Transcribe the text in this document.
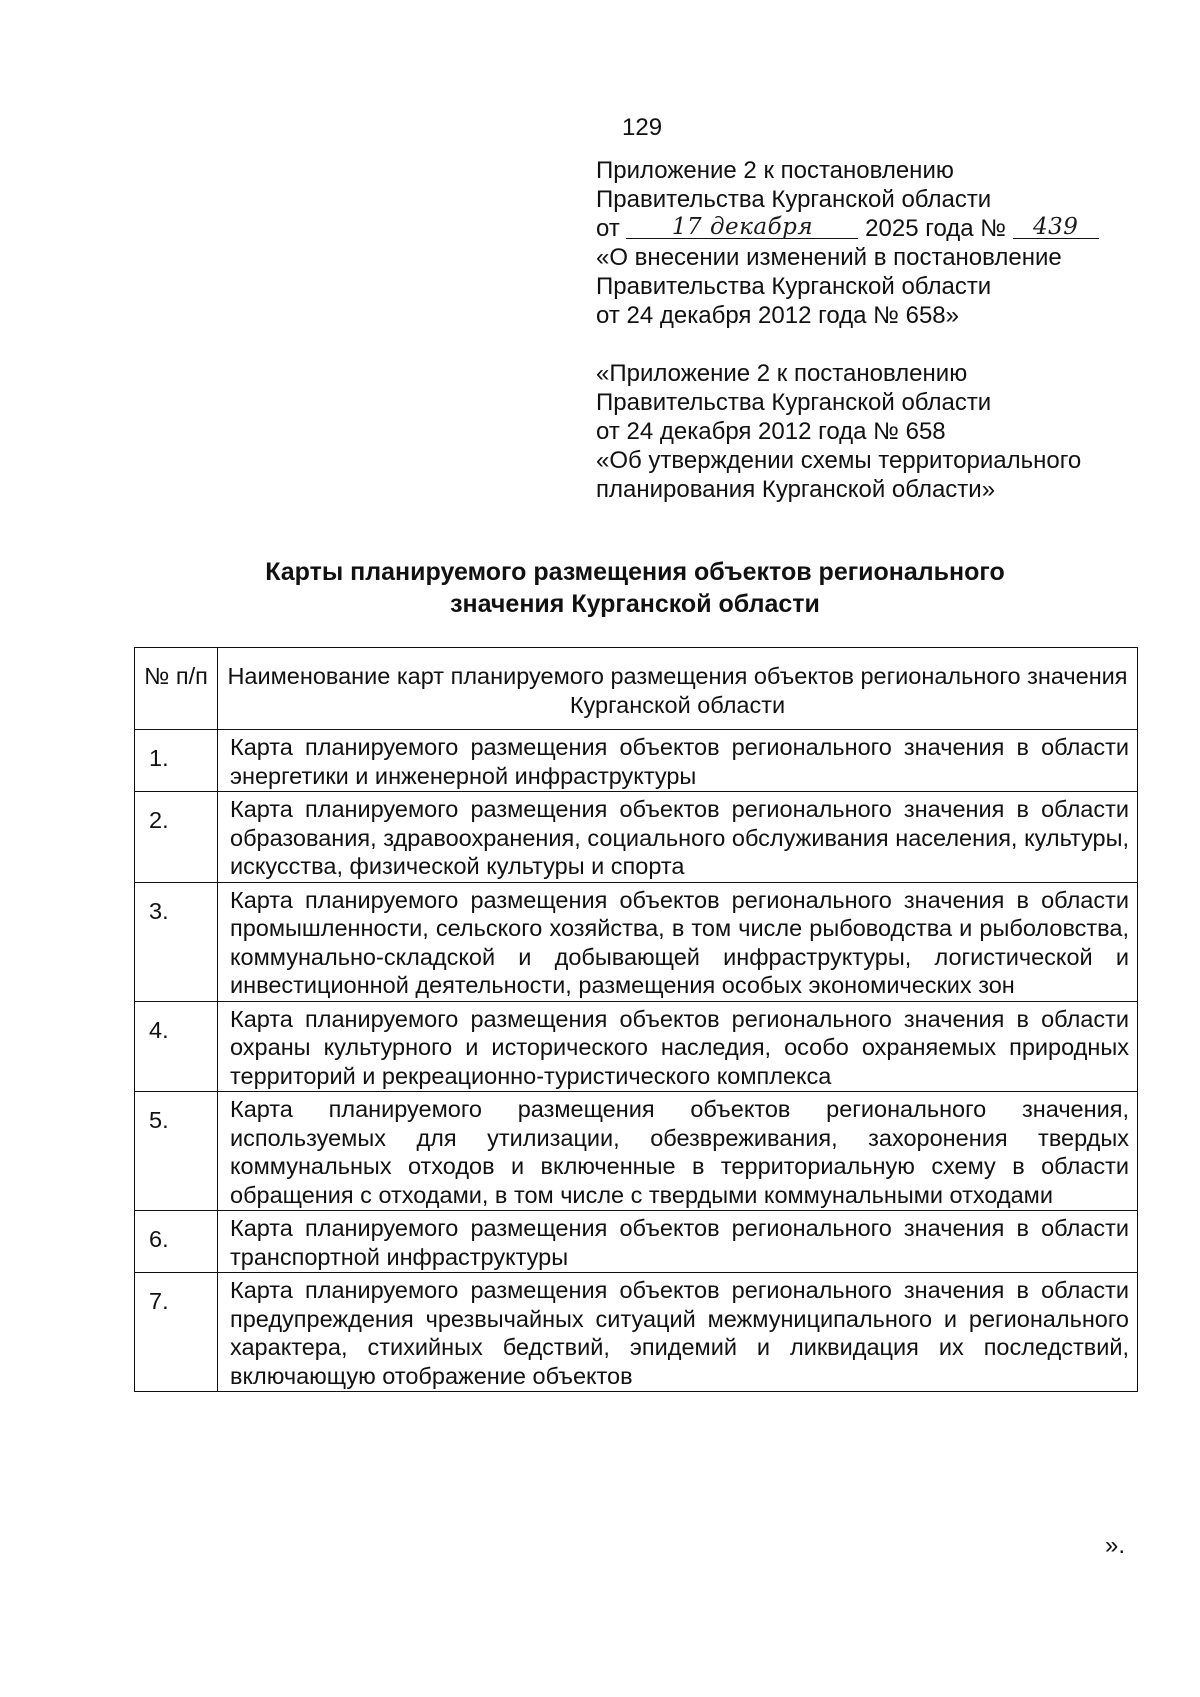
129
Приложение 2 к постановлению
Правительства Курганской области
от 17 декабря 2025 года № 439
«О внесении изменений в постановление
Правительства Курганской области
от 24 декабря 2012 года № 658»
«Приложение 2 к постановлению
Правительства Курганской области
от 24 декабря 2012 года № 658
«Об утверждении схемы территориального
планирования Курганской области»
Карты планируемого размещения объектов регионального
значения Курганской области
№ п/п	Наименование карт планируемого размещения объектов регионального значения Курганской области
1.	Карта планируемого размещения объектов регионального значения в области энергетики и инженерной инфраструктуры
2.	Карта планируемого размещения объектов регионального значения в области образования, здравоохранения, социального обслуживания населения, культуры, искусства, физической культуры и спорта
3.	Карта планируемого размещения объектов регионального значения в области промышленности, сельского хозяйства, в том числе рыбоводства и рыболовства, коммунально-складской и добывающей инфраструктуры, логистической и инвестиционной деятельности, размещения особых экономических зон
4.	Карта планируемого размещения объектов регионального значения в области охраны культурного и исторического наследия, особо охраняемых природных территорий и рекреационно-туристического комплекса
5.	Карта планируемого размещения объектов регионального значения, используемых для утилизации, обезвреживания, захоронения твердых коммунальных отходов и включенные в территориальную схему в области обращения с отходами, в том числе с твердыми коммунальными отходами
6.	Карта планируемого размещения объектов регионального значения в области транспортной инфраструктуры
7.	Карта планируемого размещения объектов регионального значения в области предупреждения чрезвычайных ситуаций межмуниципального и регионального характера, стихийных бедствий, эпидемий и ликвидация их последствий, включающую отображение объектов
».
